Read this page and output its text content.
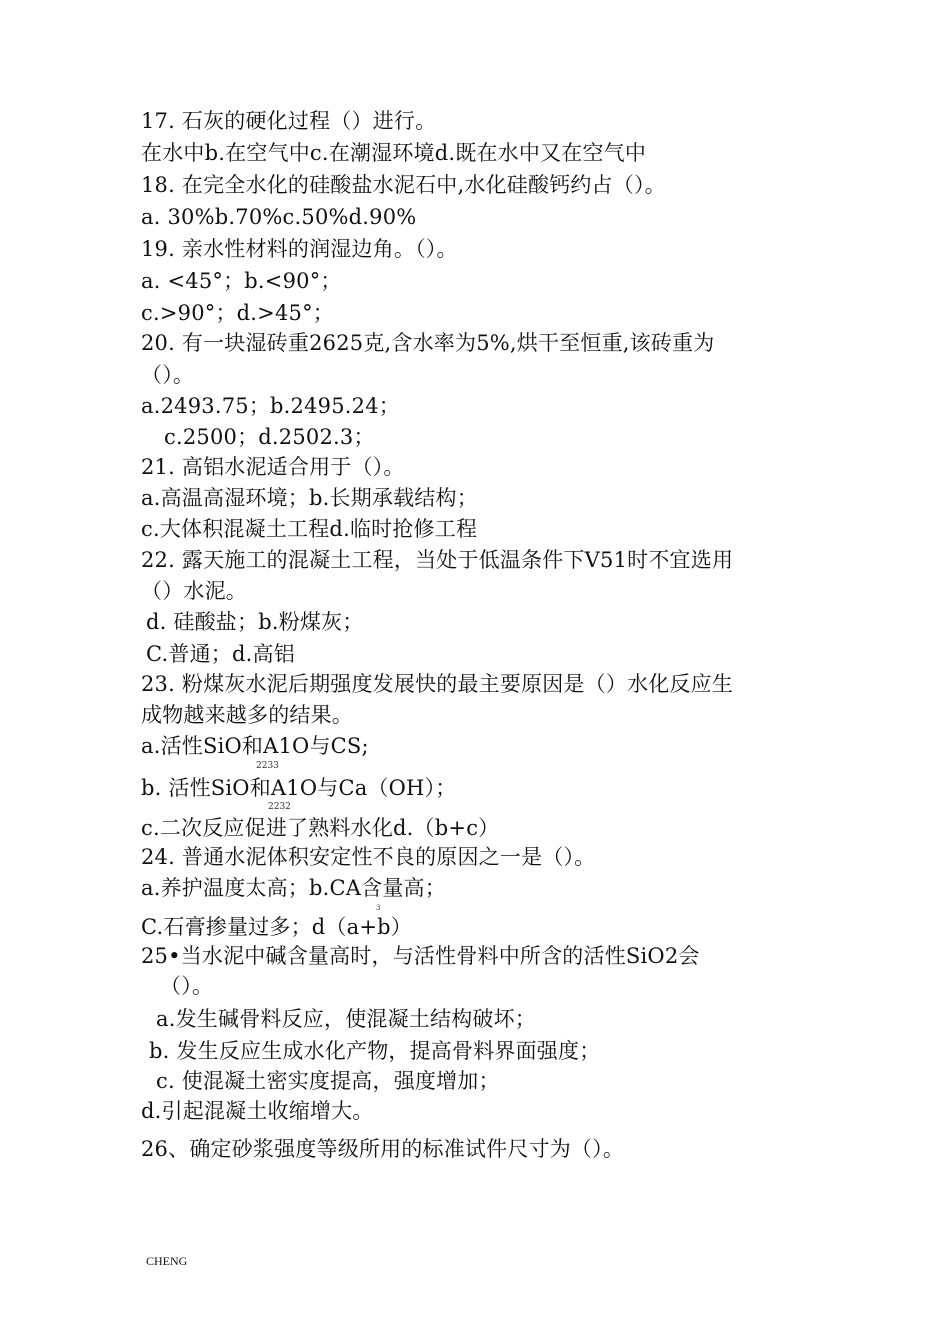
17. 石灰的硬化过程（）进行。
在水中b.在空气中c.在潮湿环境d.既在水中又在空气中
18. 在完全水化的硅酸盐水泥石中,水化硅酸钙约占（）。
a. 30%b.70%c.50%d.90%
19. 亲水性材料的润湿边角。（）。
a. <45°；b.<90°；
c.>90°；d.>45°；
20. 有一块湿砖重2625克,含水率为5%,烘干至恒重,该砖重为
（）。
a.2493.75；b.2495.24；
c.2500；d.2502.3；
21. 高铝水泥适合用于（）。
a.高温高湿环境；b.长期承载结构；
c.大体积混凝土工程d.临时抢修工程
22. 露天施工的混凝土工程，当处于低温条件下V51时不宜选用
（）水泥。
d. 硅酸盐；b.粉煤灰；
C.普通；d.高铝
23. 粉煤灰水泥后期强度发展快的最主要原因是（）水化反应生
成物越来越多的结果。
a.活性SiO和A1O与CS;
2233
b. 活性SiO和A1O与Ca（OH）；
2232
c.二次反应促进了熟料水化d.（b+c）
24. 普通水泥体积安定性不良的原因之一是（）。
a.养护温度太高；b.CA含量高；
3
C.石膏掺量过多；d（a+b）
25•当水泥中碱含量高时，与活性骨料中所含的活性SiO2会
（）。
a.发生碱骨料反应，使混凝土结构破坏；
b. 发生反应生成水化产物，提高骨料界面强度；
c. 使混凝土密实度提高，强度增加；
d.引起混凝土收缩增大。
26、确定砂浆强度等级所用的标准试件尺寸为（）。
CHENG
